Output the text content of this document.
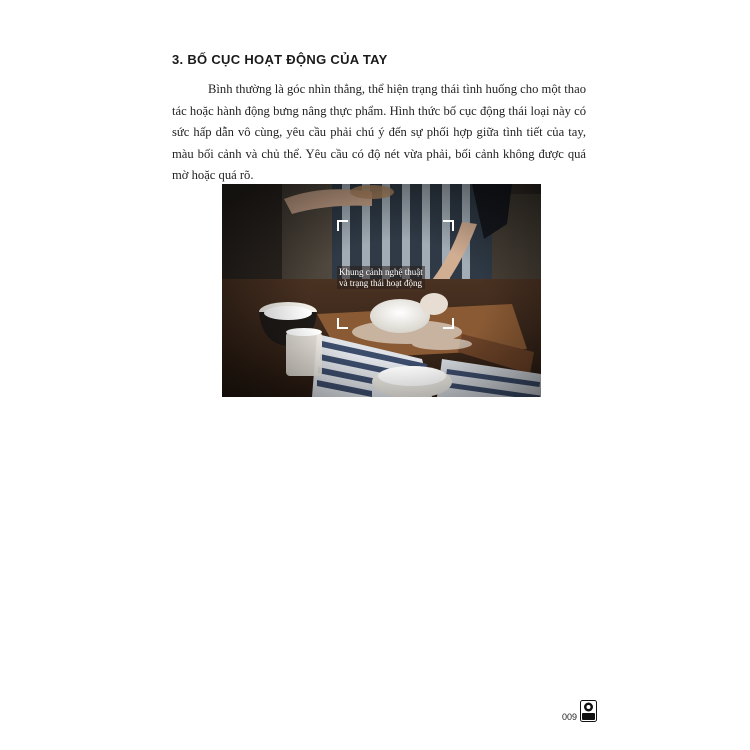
3. BỐ CỤC HOẠT ĐỘNG CỦA TAY
Bình thường là góc nhìn thẳng, thể hiện trạng thái tình huống cho một thao tác hoặc hành động bưng nâng thực phẩm. Hình thức bố cục động thái loại này có sức hấp dẫn vô cùng, yêu cầu phải chú ý đến sự phối hợp giữa tình tiết của tay, màu bối cảnh và chủ thể. Yêu cầu có độ nét vừa phải, bối cảnh không được quá mờ hoặc quá rõ.
Khung cảnh nghệ thuật
và trạng thái hoạt động
009
